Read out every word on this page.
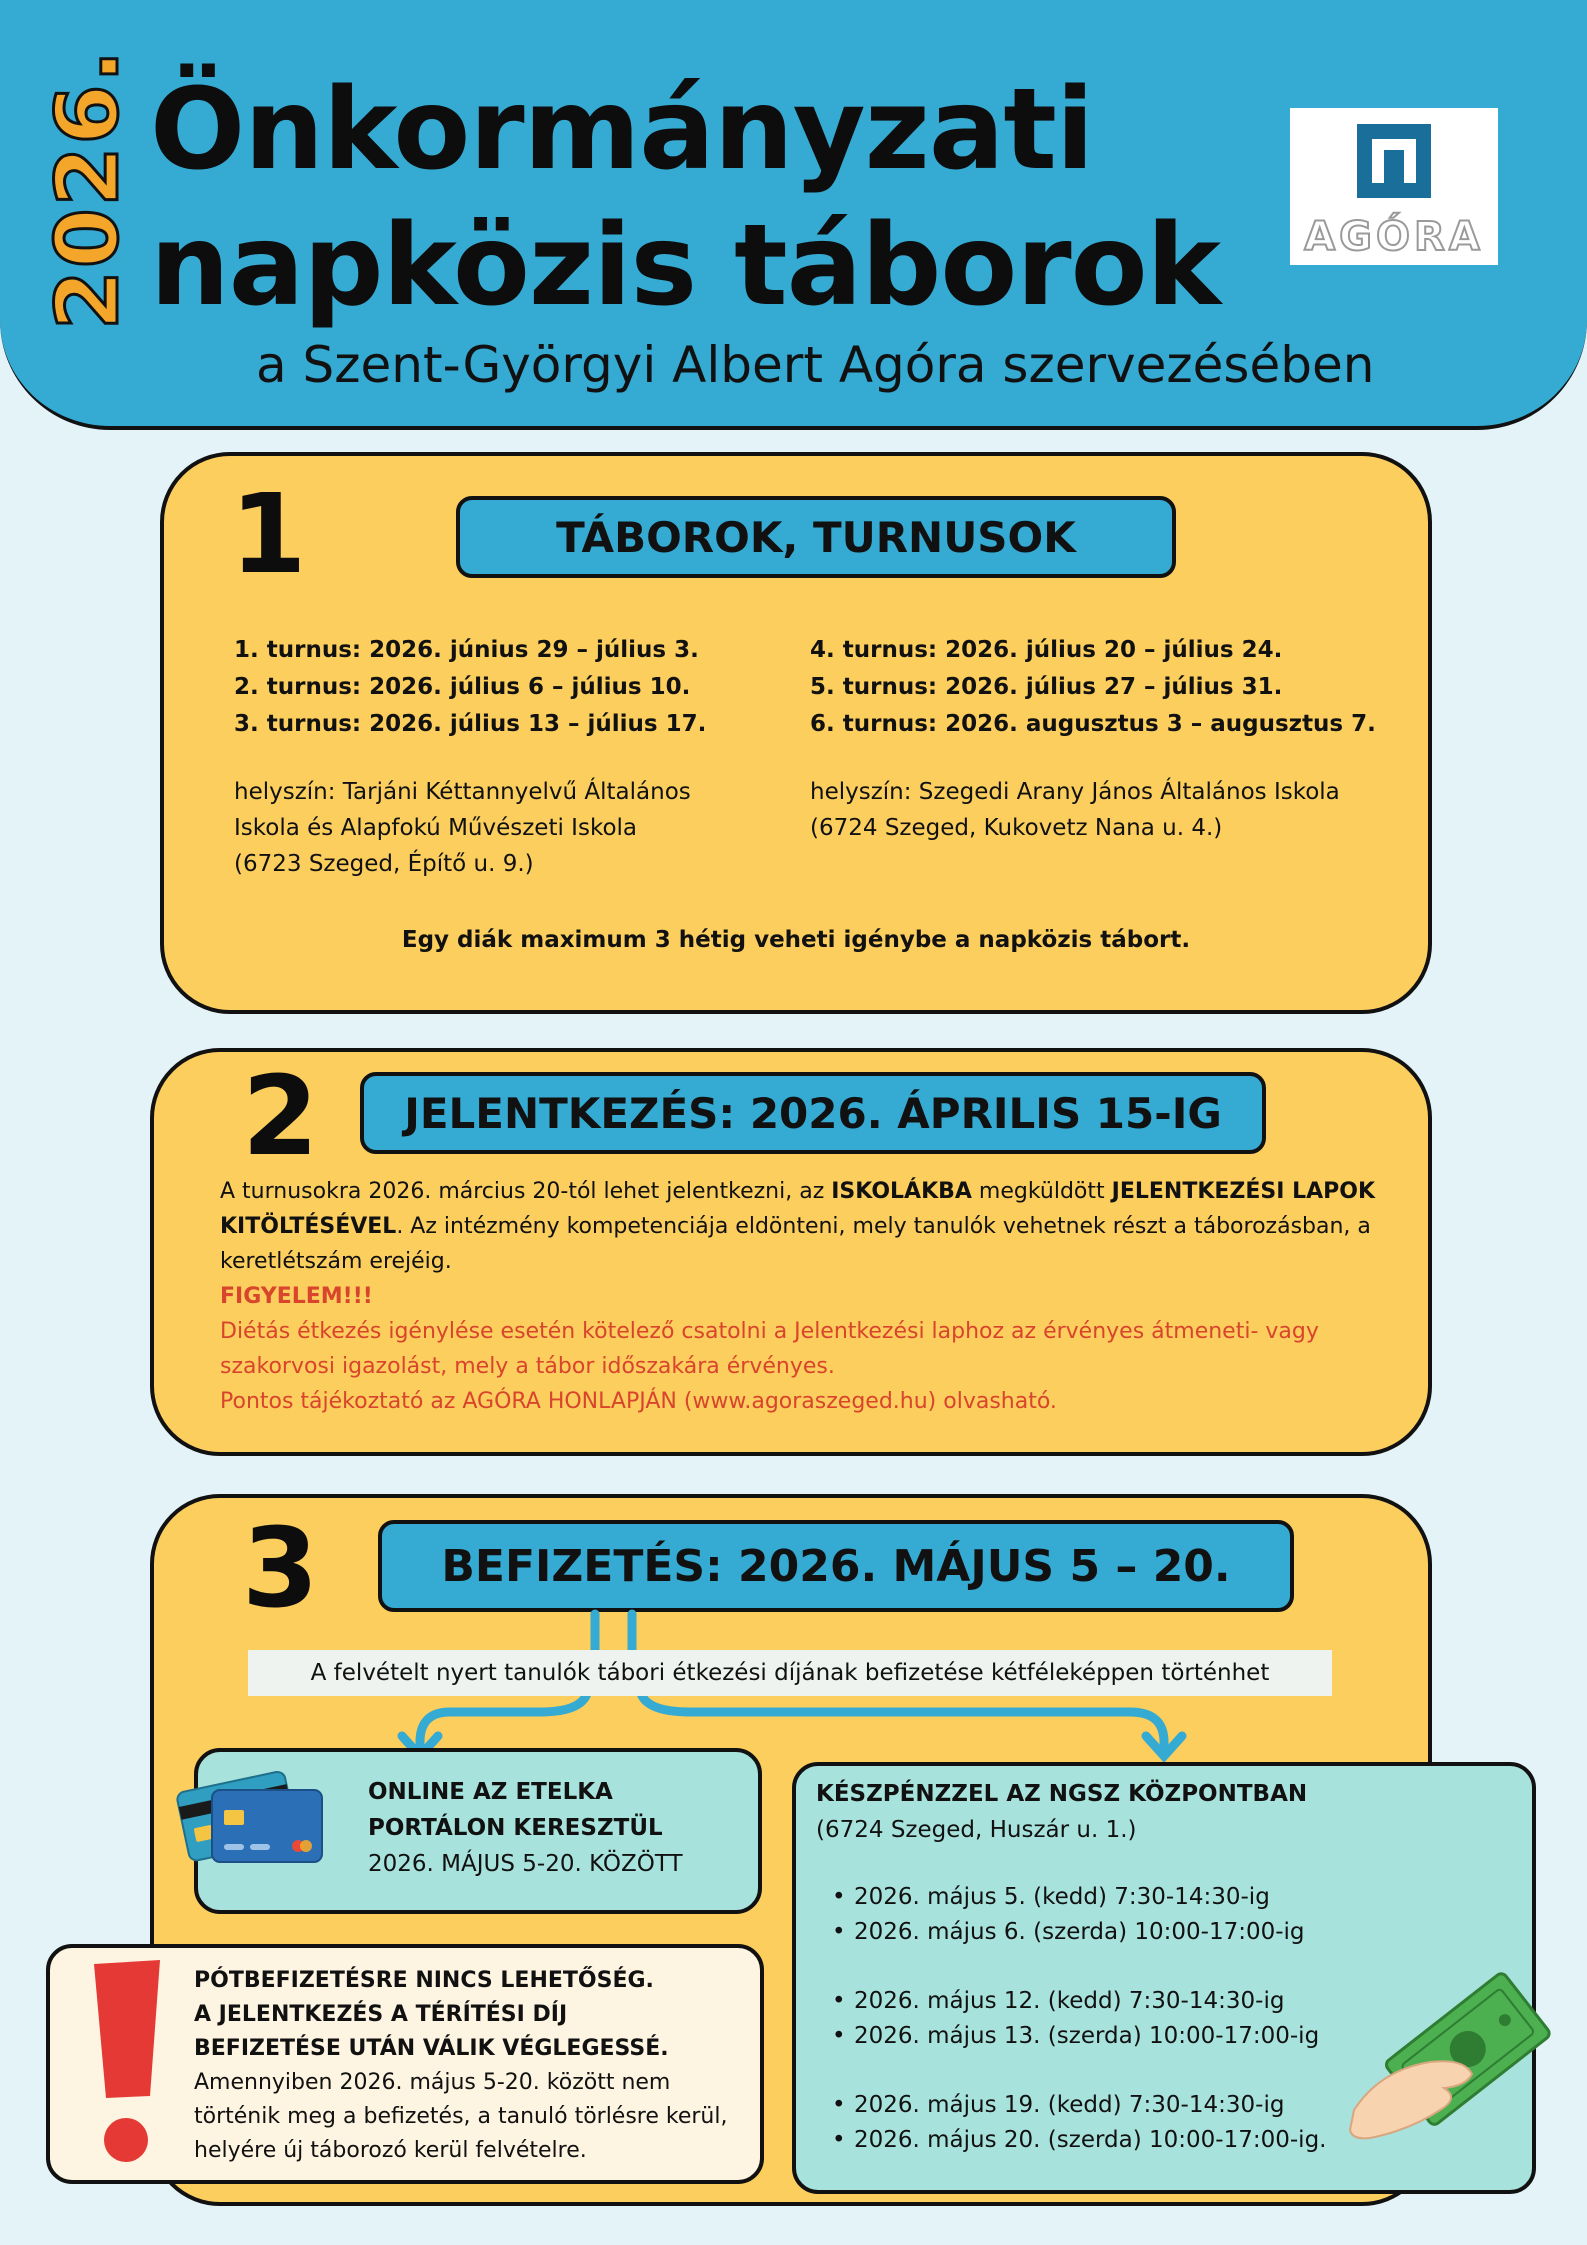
2026. Önkormányzati
napközis táborok
a Szent-Györgyi Albert Agóra szervezésében
AGÓRA
1	TÁBOROK, TURNUSOK
1. turnus: 2026. június 29 – július 3.
2. turnus: 2026. július 6 – július 10.
3. turnus: 2026. július 13 – július 17.
4. turnus: 2026. július 20 – július 24.
5. turnus: 2026. július 27 – július 31.
6. turnus: 2026. augusztus 3 – augusztus 7.
helyszín: Tarjáni Kéttannyelvű Általános
Iskola és Alapfokú Művészeti Iskola
(6723 Szeged, Építő u. 9.)
helyszín: Szegedi Arany János Általános Iskola
(6724 Szeged, Kukovetz Nana u. 4.)
Egy diák maximum 3 hétig veheti igénybe a napközis tábort.
2	JELENTKEZÉS: 2026. ÁPRILIS 15-IG
A turnusokra 2026. március 20-tól lehet jelentkezni, az ISKOLÁKBA megküldött JELENTKEZÉSI LAPOK KITÖLTÉSÉVEL. Az intézmény kompetenciája eldönteni, mely tanulók vehetnek részt a táborozásban, a keretlétszám erejéig.
FIGYELEM!!!
Diétás étkezés igénylése esetén kötelező csatolni a Jelentkezési laphoz az érvényes átmeneti- vagy szakorvosi igazolást, mely a tábor időszakára érvényes.
Pontos tájékoztató az AGÓRA HONLAPJÁN (www.agoraszeged.hu) olvasható.
3	BEFIZETÉS: 2026. MÁJUS 5 – 20.
A felvételt nyert tanulók tábori étkezési díjának befizetése kétféleképpen történhet
ONLINE AZ ETELKA
PORTÁLON KERESZTÜL
2026. MÁJUS 5-20. KÖZÖTT
KÉSZPÉNZZEL AZ NGSZ KÖZPONTBAN
(6724 Szeged, Huszár u. 1.)
• 2026. május 5. (kedd) 7:30-14:30-ig
• 2026. május 6. (szerda) 10:00-17:00-ig
• 2026. május 12. (kedd) 7:30-14:30-ig
• 2026. május 13. (szerda) 10:00-17:00-ig
• 2026. május 19. (kedd) 7:30-14:30-ig
• 2026. május 20. (szerda) 10:00-17:00-ig.
PÓTBEFIZETÉSRE NINCS LEHETŐSÉG.
A JELENTKEZÉS A TÉRÍTÉSI DÍJ
BEFIZETÉSE UTÁN VÁLIK VÉGLEGESSÉ.
Amennyiben 2026. május 5-20. között nem történik meg a befizetés, a tanuló törlésre kerül, helyére új táborozó kerül felvételre.
